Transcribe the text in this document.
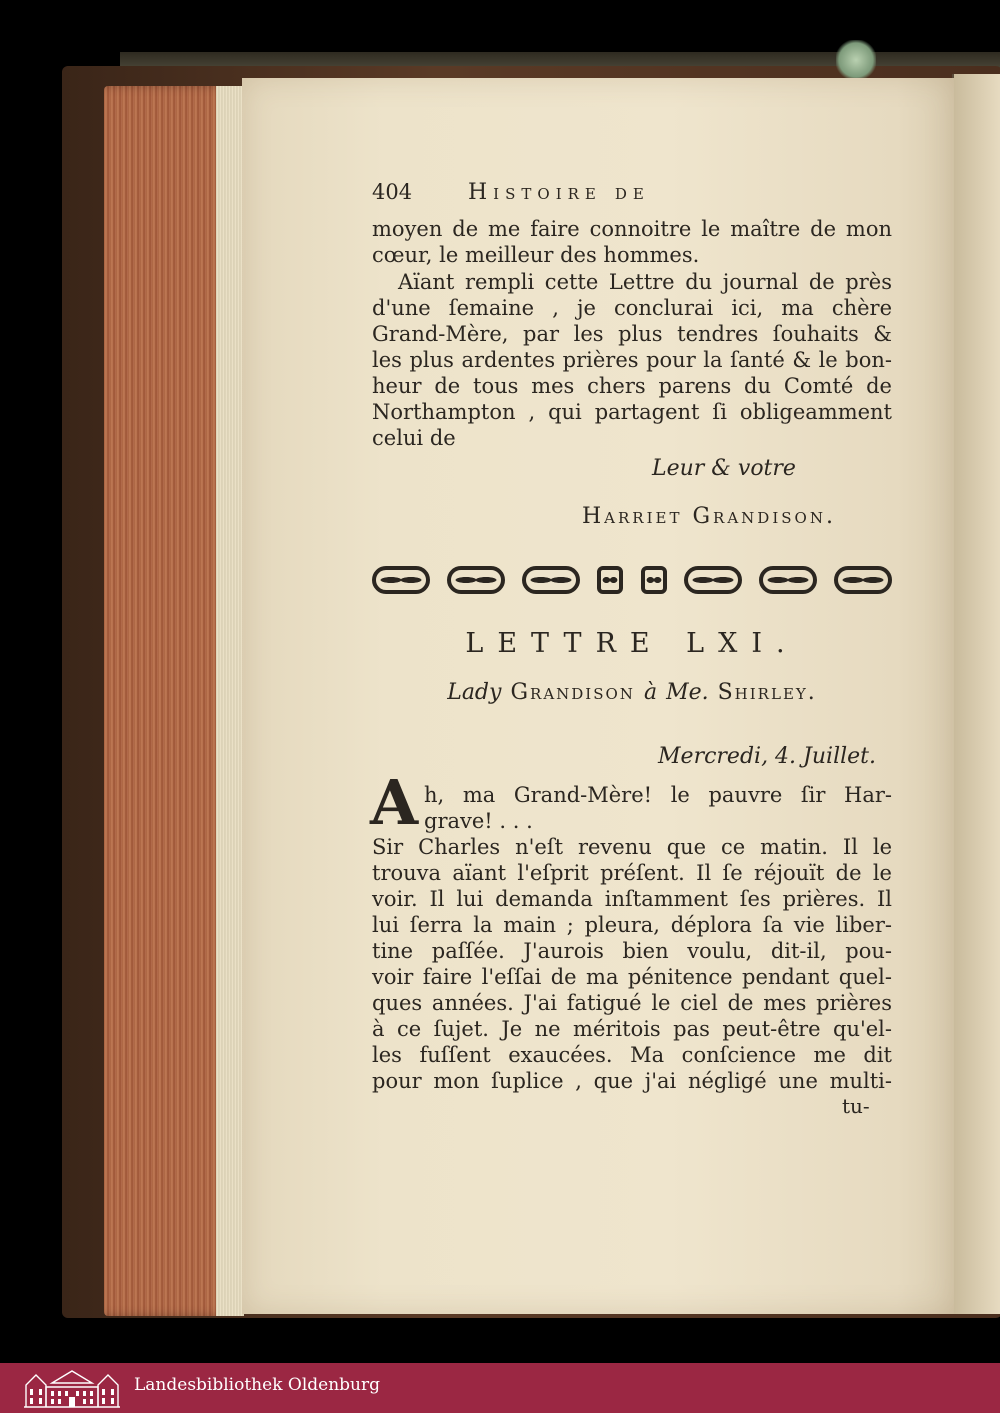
404	Histoire de
moyen de me faire connoitre le maître de mon
cœur, le meilleur des hommes.
Aïant rempli cette Lettre du journal de près
d'une ſemaine , je conclurai ici, ma chère
Grand-Mère, par les plus tendres ſouhaits &
les plus ardentes prières pour la ſanté & le bon-
heur de tous mes chers parens du Comté de
Northampton , qui partagent ſi obligeamment
celui de
Leur & votre
Harriet Grandison.
LETTRE LXI.
Lady Grandison à Me. Shirley.
Mercredi, 4. Juillet.
A h, ma Grand-Mère! le pauvre ſir Har-
grave! . . .
Sir Charles n'eſt revenu que ce matin. Il le
trouva aïant l'eſprit préſent. Il ſe réjouït de le
voir. Il lui demanda inſtamment ſes prières. Il
lui ſerra la main ; pleura, déplora ſa vie liber-
tine paſſée. J'aurois bien voulu, dit-il, pou-
voir faire l'eſſai de ma pénitence pendant quel-
ques années. J'ai fatigué le ciel de mes prières
à ce ſujet. Je ne méritois pas peut-être qu'el-
les fuſſent exaucées. Ma conſcience me dit
pour mon ſuplice , que j'ai négligé une multi-
tu-
Landesbibliothek Oldenburg
